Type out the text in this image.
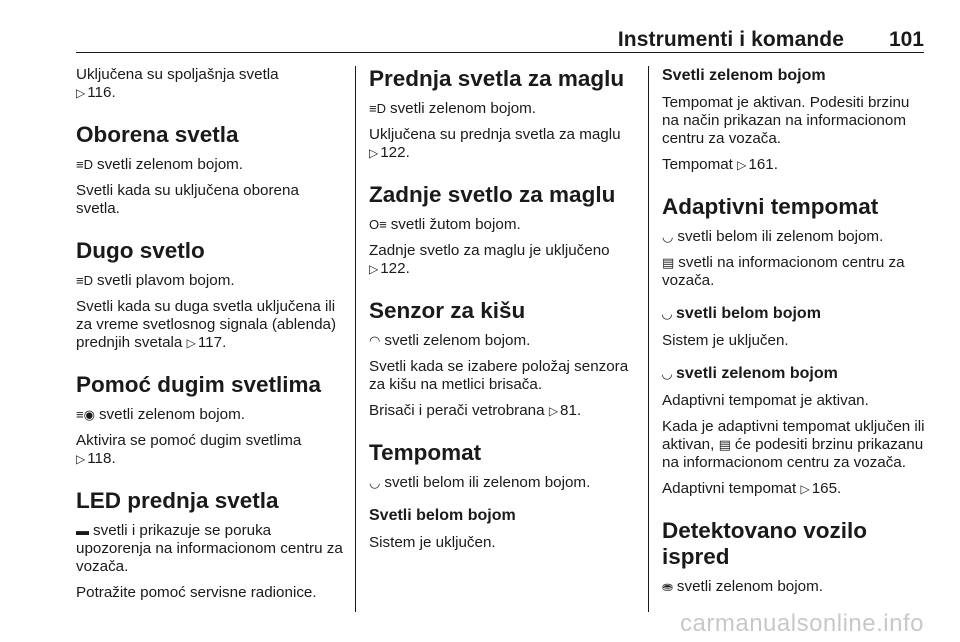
Instrumenti i komande 101

Uključena su spoljašnja svetla
▷ 116.

Oborena svetla

≡D svetli zelenom bojom.

Svetli kada su uključena oborena svetla.

Dugo svetlo

≡D svetli plavom bojom.

Svetli kada su duga svetla uključena ili za vreme svetlosnog signala (ablenda) prednjih svetala ▷ 117.

Pomoć dugim svetlima

≡◉ svetli zelenom bojom.

Aktivira se pomoć dugim svetlima
▷ 118.

LED prednja svetla

▬ svetli i prikazuje se poruka upozorenja na informacionom centru za vozača.

Potražite pomoć servisne radionice.

Prednja svetla za maglu

≡D svetli zelenom bojom.

Uključena su prednja svetla za maglu
▷ 122.

Zadnje svetlo za maglu

O≡ svetli žutom bojom.

Zadnje svetlo za maglu je uključeno
▷ 122.

Senzor za kišu

◠ svetli zelenom bojom.

Svetli kada se izabere položaj senzora za kišu na metlici brisača.

Brisači i perači vetrobrana ▷ 81.

Tempomat

◡ svetli belom ili zelenom bojom.

Svetli belom bojom

Sistem je uključen.

Svetli zelenom bojom

Tempomat je aktivan. Podesiti brzinu na način prikazan na informacionom centru za vozača.

Tempomat ▷ 161.

Adaptivni tempomat

◡ svetli belom ili zelenom bojom.

▤ svetli na informacionom centru za vozača.

◡ svetli belom bojom

Sistem je uključen.

◡ svetli zelenom bojom

Adaptivni tempomat je aktivan.

Kada je adaptivni tempomat uključen ili aktivan, ▤ će podesiti brzinu prikazanu na informacionom centru za vozača.

Adaptivni tempomat ▷ 165.

Detektovano vozilo ispred

⛂ svetli zelenom bojom.

carmanualsonline.info
